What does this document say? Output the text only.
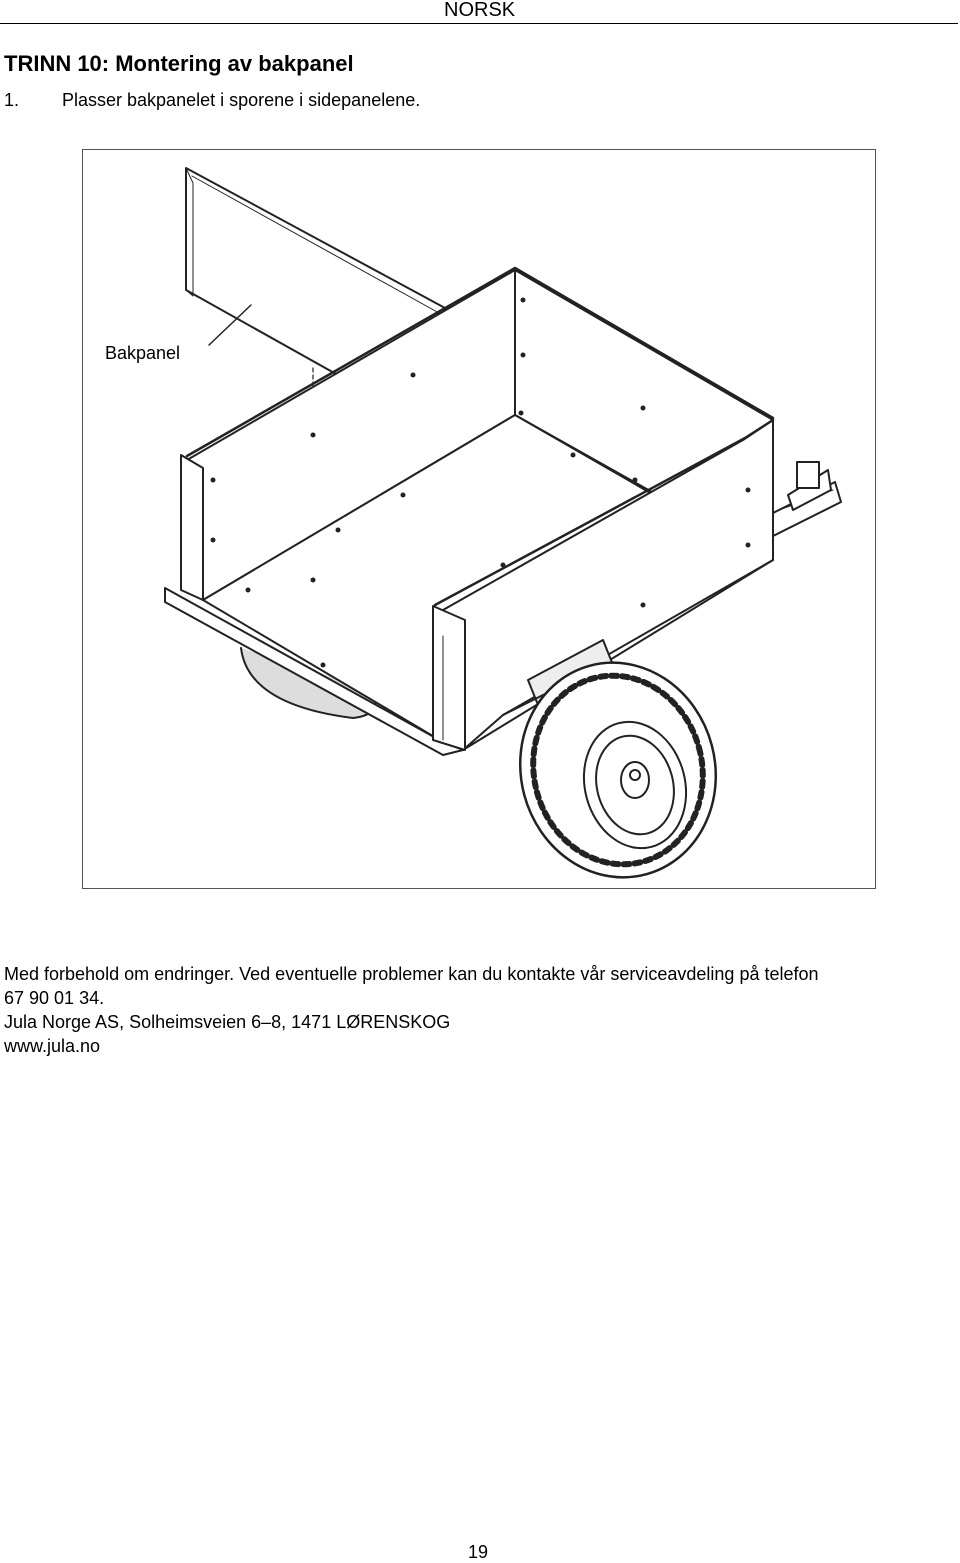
NORSK
TRINN 10: Montering av bakpanel
1. Plasser bakpanelet i sporene i sidepanelene.
Bakpanel
Med forbehold om endringer. Ved eventuelle problemer kan du kontakte vår serviceavdeling på telefon
67 90 01 34.
Jula Norge AS, Solheimsveien 6–8, 1471 LØRENSKOG
www.jula.no
19
